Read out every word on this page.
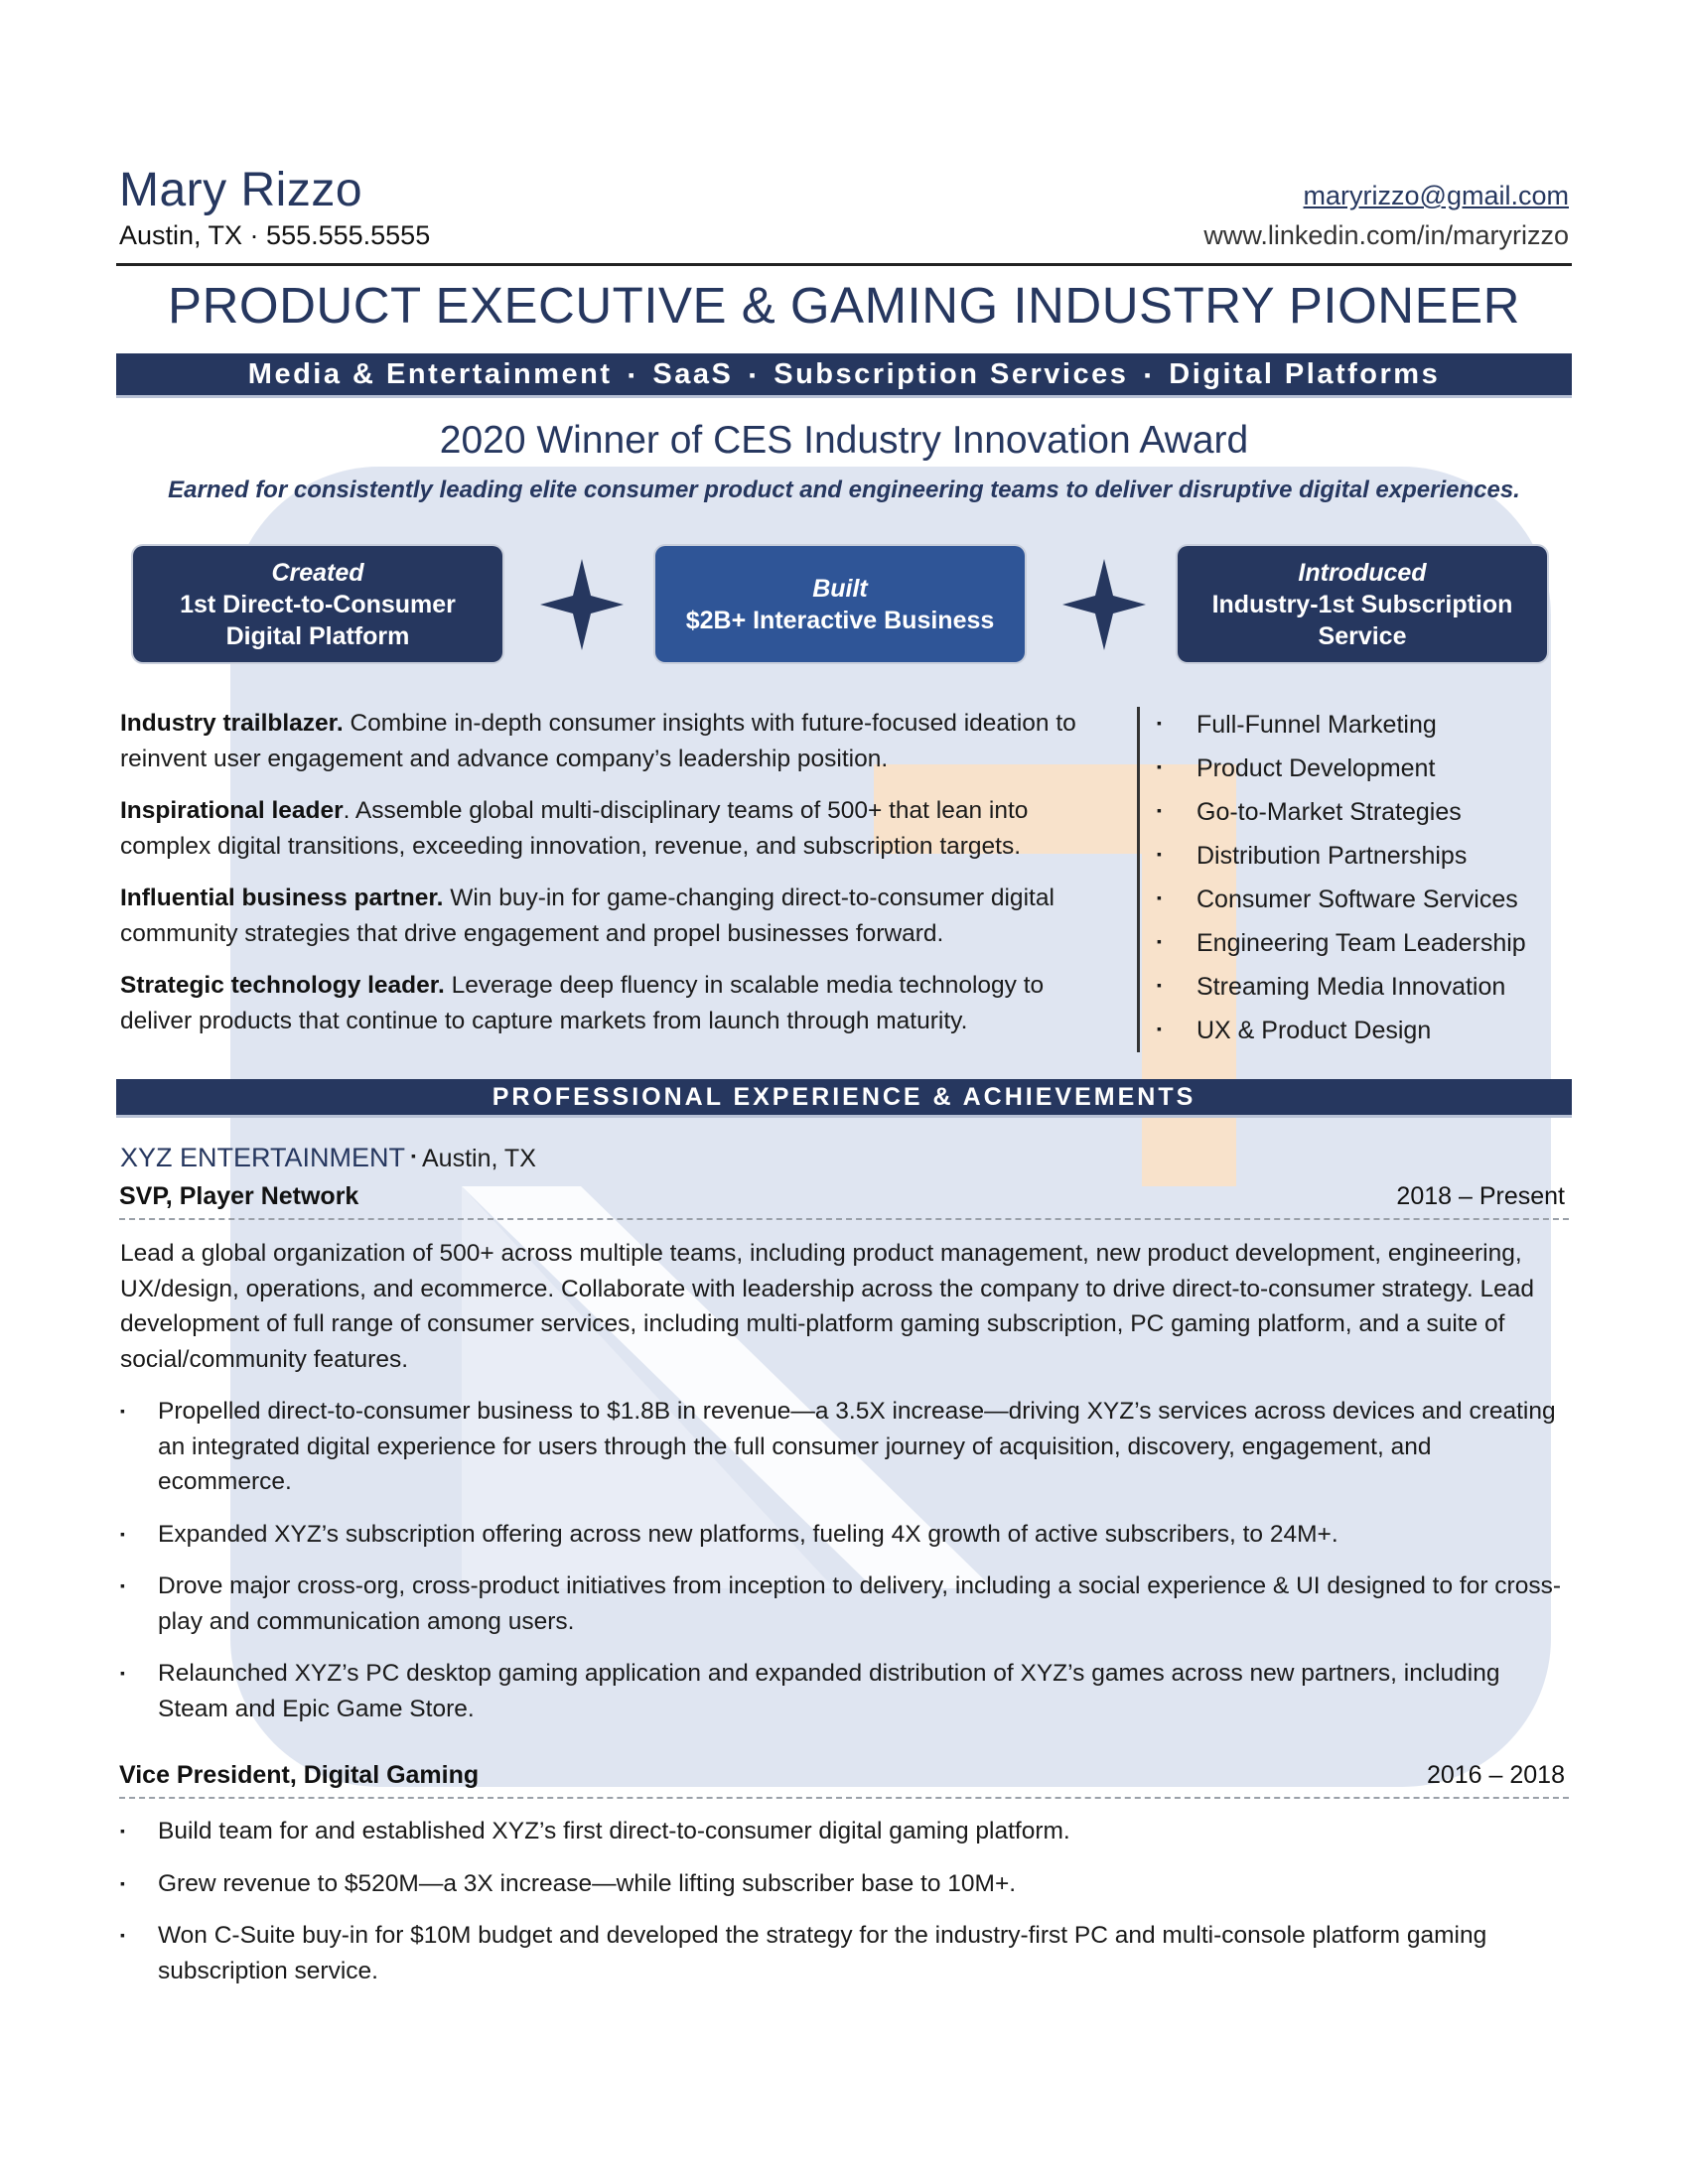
Mary Rizzo
Austin, TX · 555.555.5555
maryrizzo@gmail.com
www.linkedin.com/in/maryrizzo
PRODUCT EXECUTIVE & GAMING INDUSTRY PIONEER
Media & Entertainment ▪ SaaS ▪ Subscription Services ▪ Digital Platforms
2020 Winner of CES Industry Innovation Award
Earned for consistently leading elite consumer product and engineering teams to deliver disruptive digital experiences.
Created
1st Direct-to-Consumer
Digital Platform
Built
$2B+ Interactive Business
Introduced
Industry-1st Subscription
Service

Industry trailblazer. Combine in-depth consumer insights with future-focused ideation to reinvent user engagement and advance company’s leadership position.

Inspirational leader. Assemble global multi-disciplinary teams of 500+ that lean into complex digital transitions, exceeding innovation, revenue, and subscription targets.

Influential business partner. Win buy-in for game-changing direct-to-consumer digital community strategies that drive engagement and propel businesses forward.

Strategic technology leader. Leverage deep fluency in scalable media technology to deliver products that continue to capture markets from launch through maturity.

▪ Full-Funnel Marketing
▪ Product Development
▪ Go-to-Market Strategies
▪ Distribution Partnerships
▪ Consumer Software Services
▪ Engineering Team Leadership
▪ Streaming Media Innovation
▪ UX & Product Design
PROFESSIONAL EXPERIENCE & ACHIEVEMENTS
XYZ ENTERTAINMENT ▪ Austin, TX
SVP, Player Network	2018 – Present

Lead a global organization of 500+ across multiple teams, including product management, new product development, engineering, UX/design, operations, and ecommerce. Collaborate with leadership across the company to drive direct-to-consumer strategy. Lead development of full range of consumer services, including multi-platform gaming subscription, PC gaming platform, and a suite of social/community features.

▪ Propelled direct-to-consumer business to $1.8B in revenue—a 3.5X increase—driving XYZ’s services across devices and creating an integrated digital experience for users through the full consumer journey of acquisition, discovery, engagement, and ecommerce.
▪ Expanded XYZ’s subscription offering across new platforms, fueling 4X growth of active subscribers, to 24M+.
▪ Drove major cross-org, cross-product initiatives from inception to delivery, including a social experience & UI designed to for cross-play and communication among users.
▪ Relaunched XYZ’s PC desktop gaming application and expanded distribution of XYZ’s games across new partners, including Steam and Epic Game Store.
Vice President, Digital Gaming	2016 – 2018
▪ Build team for and established XYZ’s first direct-to-consumer digital gaming platform.
▪ Grew revenue to $520M—a 3X increase—while lifting subscriber base to 10M+.
▪ Won C-Suite buy-in for $10M budget and developed the strategy for the industry-first PC and multi-console platform gaming subscription service.
